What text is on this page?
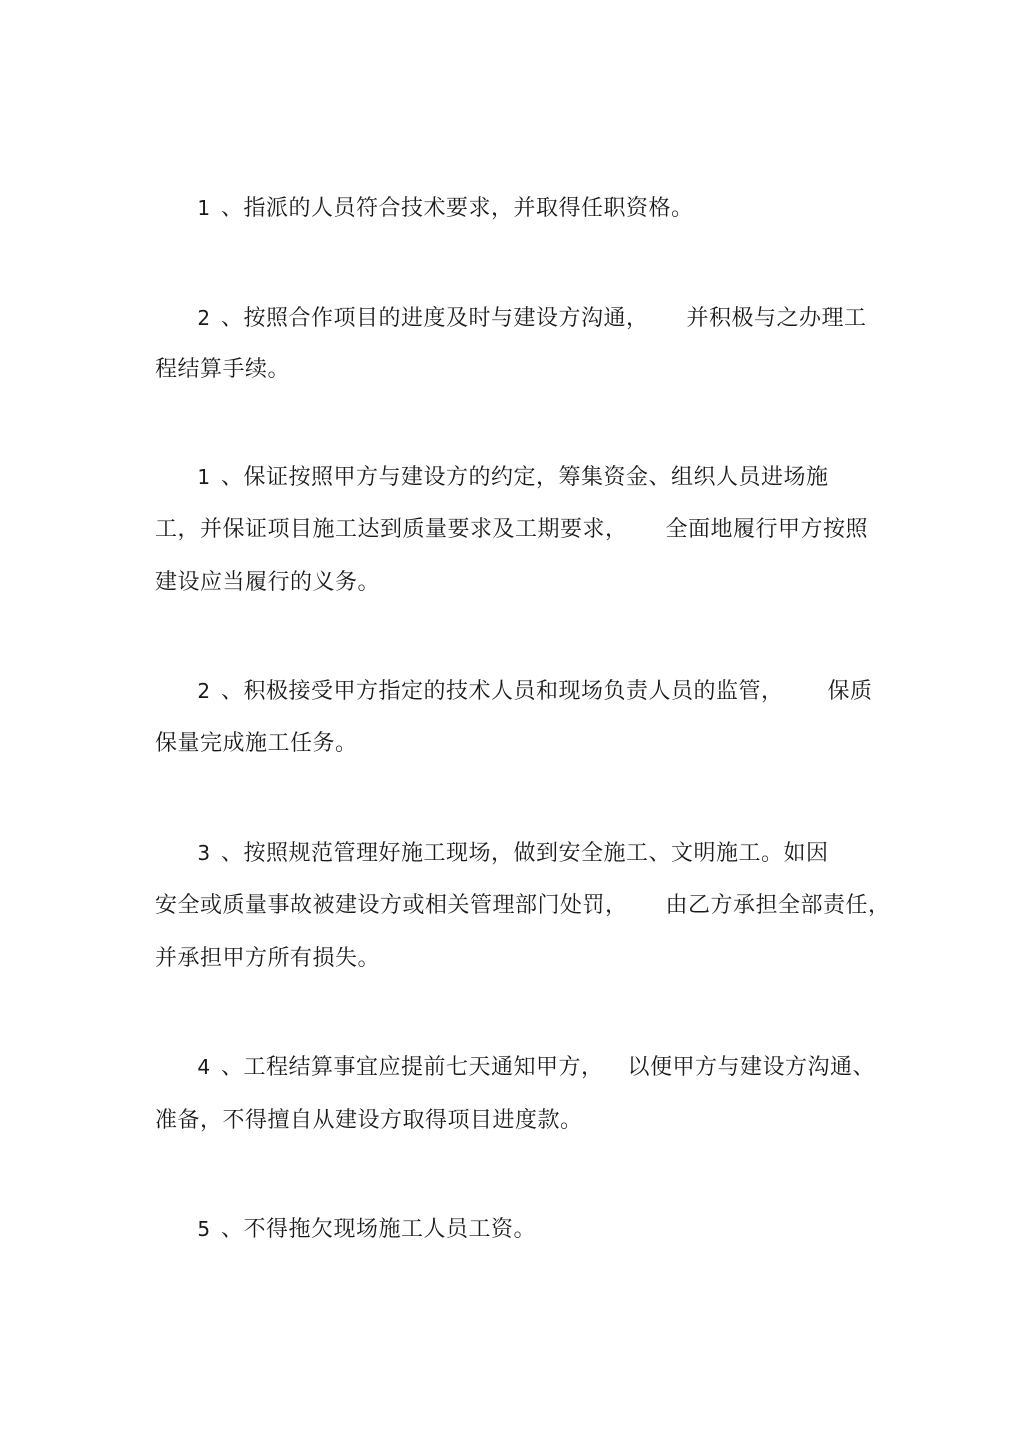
1 、指派的人员符合技术要求，并取得任职资格。
2 、按照合作项目的进度及时与建设方沟通， 并积极与之办理工
程结算手续。
1 、保证按照甲方与建设方的约定，筹集资金、组织人员进场施
工，并保证项目施工达到质量要求及工期要求， 全面地履行甲方按照
建设应当履行的义务。
2 、积极接受甲方指定的技术人员和现场负责人员的监管， 保质
保量完成施工任务。
3 、按照规范管理好施工现场，做到安全施工、文明施工。如因
安全或质量事故被建设方或相关管理部门处罚， 由乙方承担全部责任，
并承担甲方所有损失。
4 、工程结算事宜应提前七天通知甲方， 以便甲方与建设方沟通、
准备，不得擅自从建设方取得项目进度款。
5 、不得拖欠现场施工人员工资。
